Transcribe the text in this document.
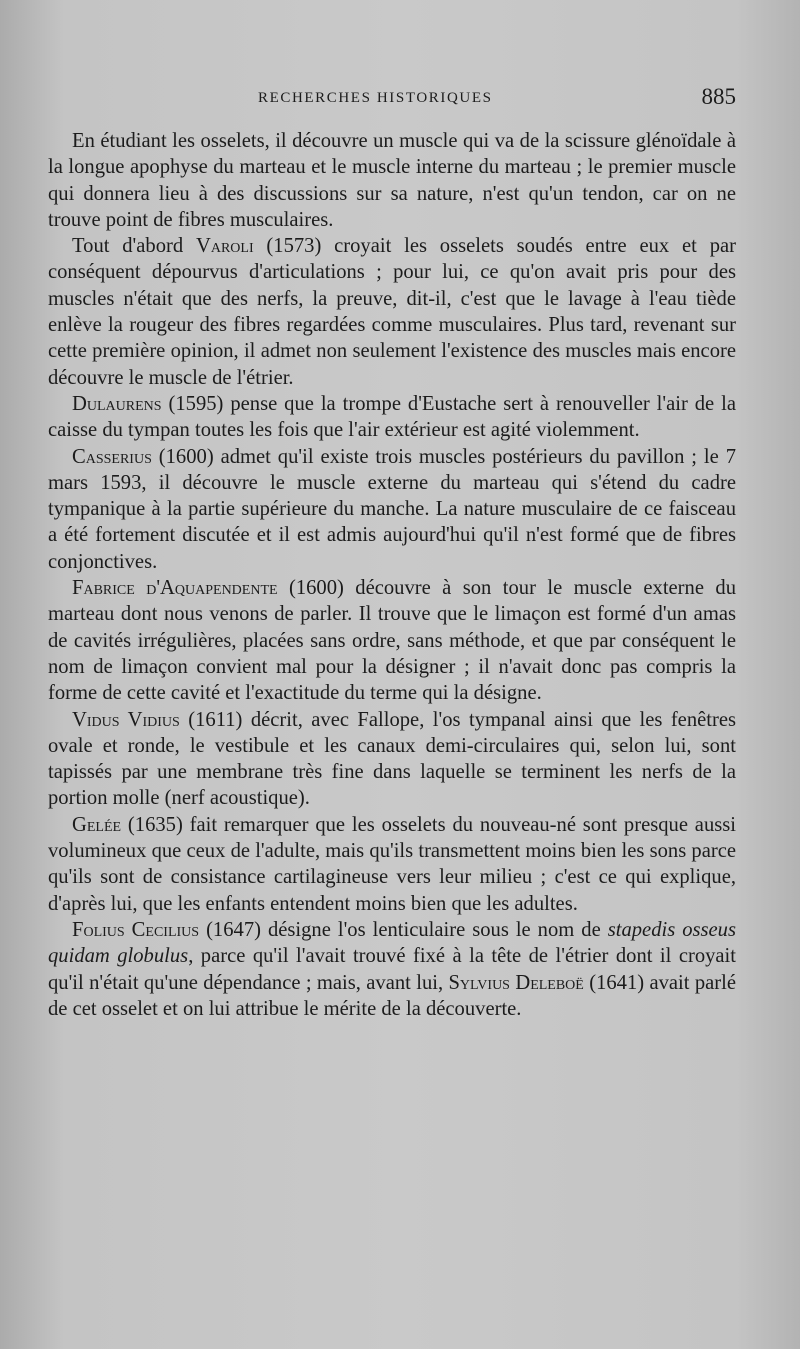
RECHERCHES HISTORIQUES	885

En étudiant les osselets, il découvre un muscle qui va de la scissure glénoïdale à la longue apophyse du marteau et le muscle interne du marteau ; le premier muscle qui donnera lieu à des discussions sur sa nature, n'est qu'un tendon, car on ne trouve point de fibres musculaires.

Tout d'abord Varoli (1573) croyait les osselets soudés entre eux et par conséquent dépourvus d'articulations ; pour lui, ce qu'on avait pris pour des muscles n'était que des nerfs, la preuve, dit-il, c'est que le lavage à l'eau tiède enlève la rougeur des fibres regardées comme musculaires. Plus tard, revenant sur cette première opinion, il admet non seulement l'existence des muscles mais encore découvre le muscle de l'étrier.

Dulaurens (1595) pense que la trompe d'Eustache sert à renouveller l'air de la caisse du tympan toutes les fois que l'air extérieur est agité violemment.

Casserius (1600) admet qu'il existe trois muscles postérieurs du pavillon ; le 7 mars 1593, il découvre le muscle externe du marteau qui s'étend du cadre tympanique à la partie supérieure du manche. La nature musculaire de ce faisceau a été fortement discutée et il est admis aujourd'hui qu'il n'est formé que de fibres conjonctives.

Fabrice d'Aquapendente (1600) découvre à son tour le muscle externe du marteau dont nous venons de parler. Il trouve que le limaçon est formé d'un amas de cavités irrégulières, placées sans ordre, sans méthode, et que par conséquent le nom de limaçon convient mal pour la désigner ; il n'avait donc pas compris la forme de cette cavité et l'exactitude du terme qui la désigne.

Vidus Vidius (1611) décrit, avec Fallope, l'os tympanal ainsi que les fenêtres ovale et ronde, le vestibule et les canaux demi-circulaires qui, selon lui, sont tapissés par une membrane très fine dans laquelle se terminent les nerfs de la portion molle (nerf acoustique).

Gelée (1635) fait remarquer que les osselets du nouveau-né sont presque aussi volumineux que ceux de l'adulte, mais qu'ils transmettent moins bien les sons parce qu'ils sont de consistance cartilagineuse vers leur milieu ; c'est ce qui explique, d'après lui, que les enfants entendent moins bien que les adultes.

Folius Cecilius (1647) désigne l'os lenticulaire sous le nom de stapedis osseus quidam globulus, parce qu'il l'avait trouvé fixé à la tête de l'étrier dont il croyait qu'il n'était qu'une dépendance ; mais, avant lui, Sylvius Deleboë (1641) avait parlé de cet osselet et on lui attribue le mérite de la découverte.
